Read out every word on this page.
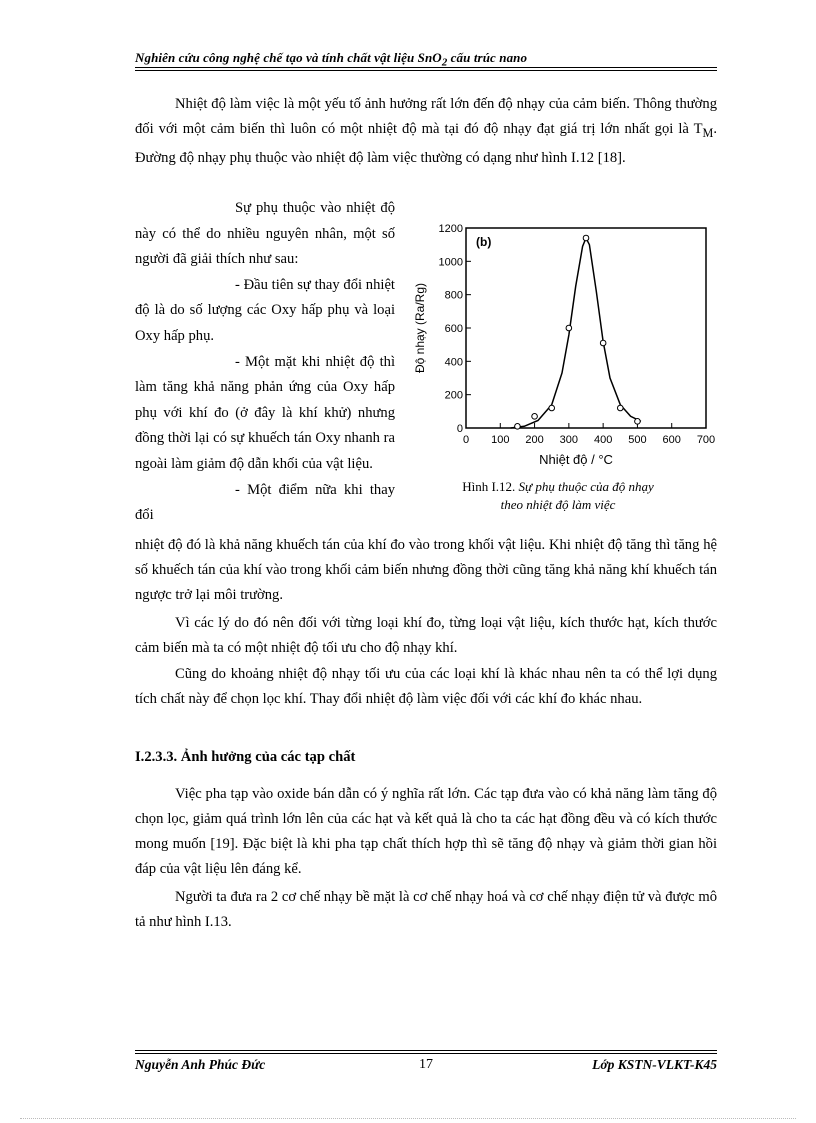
Nghiên cứu công nghệ chế tạo và tính chất vật liệu SnO$_2$ cấu trúc nano

Nhiệt độ làm việc là một yếu tố ảnh hưởng rất lớn đến độ nhạy của cảm biến. Thông thường đối với một cảm biến thì luôn có một nhiệt độ mà tại đó độ nhạy đạt giá trị lớn nhất gọi là $T_M$. Đường độ nhạy phụ thuộc vào nhiệt độ làm việc thường có dạng như hình I.12 [18].

Sự phụ thuộc vào nhiệt độ này có thể do nhiều nguyên nhân, một số người đã giải thích như sau:

- Đầu tiên sự thay đổi nhiệt độ là do số lượng các Oxy hấp phụ và loại Oxy hấp phụ.

- Một mặt khi nhiệt độ thì làm tăng khả năng phản ứng của Oxy hấp phụ với khí đo (ở đây là khí khử) nhưng đồng thời lại có sự khuếch tán Oxy nhanh ra ngoài làm giảm độ dẫn khối của vật liệu.

- Một điểm nữa khi thay đổi

0
200
400
600
800
1000
1200
0 100 200 300 400 500 600 700
(b)
Nhiệt độ / °C
Độ nhạy (Ra/Rg)
Hình I.12. Sự phụ thuộc của độ nhạy
theo nhiệt độ làm việc

nhiệt độ đó là khả năng khuếch tán của khí đo vào trong khối vật liệu. Khi nhiệt độ tăng thì tăng hệ số khuếch tán của khí vào trong khối cảm biến nhưng đồng thời cũng tăng khả năng khí khuếch tán ngược trở lại môi trường.

Vì các lý do đó nên đối với từng loại khí đo, từng loại vật liệu, kích thước hạt, kích thước cảm biến mà ta có một nhiệt độ tối ưu cho độ nhạy khí.

Cũng do khoảng nhiệt độ nhạy tối ưu của các loại khí là khác nhau nên ta có thể lợi dụng tích chất này để chọn lọc khí. Thay đổi nhiệt độ làm việc đối với các khí đo khác nhau.

I.2.3.3. Ảnh hưởng của các tạp chất

Việc pha tạp vào oxide bán dẫn có ý nghĩa rất lớn. Các tạp đưa vào có khả năng làm tăng độ chọn lọc, giảm quá trình lớn lên của các hạt và kết quả là cho ta các hạt đồng đều và có kích thước mong muốn [19]. Đặc biệt là khi pha tạp chất thích hợp thì sẽ tăng độ nhạy và giảm thời gian hồi đáp của vật liệu lên đáng kể.

Người ta đưa ra 2 cơ chế nhạy bề mặt là cơ chế nhạy hoá và cơ chế nhạy điện tử và được mô tả như hình I.13.

Nguyễn Anh Phúc Đức	17	Lớp KSTN-VLKT-K45
